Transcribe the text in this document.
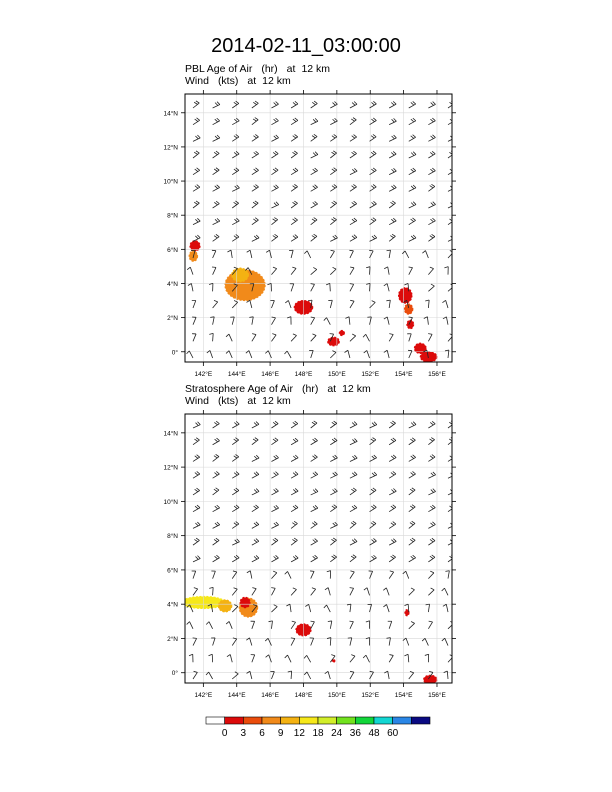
2014-02-11_03:00:00
PBL Age of Air (hr) at 12 km
Wind (kts) at 12 km
142°E 144°E 146°E 148°E 150°E 152°E 154°E 156°E
0°
2°N
4°N
6°N
8°N
10°N
12°N
14°N
Stratosphere Age of Air (hr) at 12 km
Wind (kts) at 12 km
142°E 144°E 146°E 148°E 150°E 152°E 154°E 156°E
0°
2°N
4°N
6°N
8°N
10°N
12°N
14°N
0 3 6 9 12 18 24 36 48 60
